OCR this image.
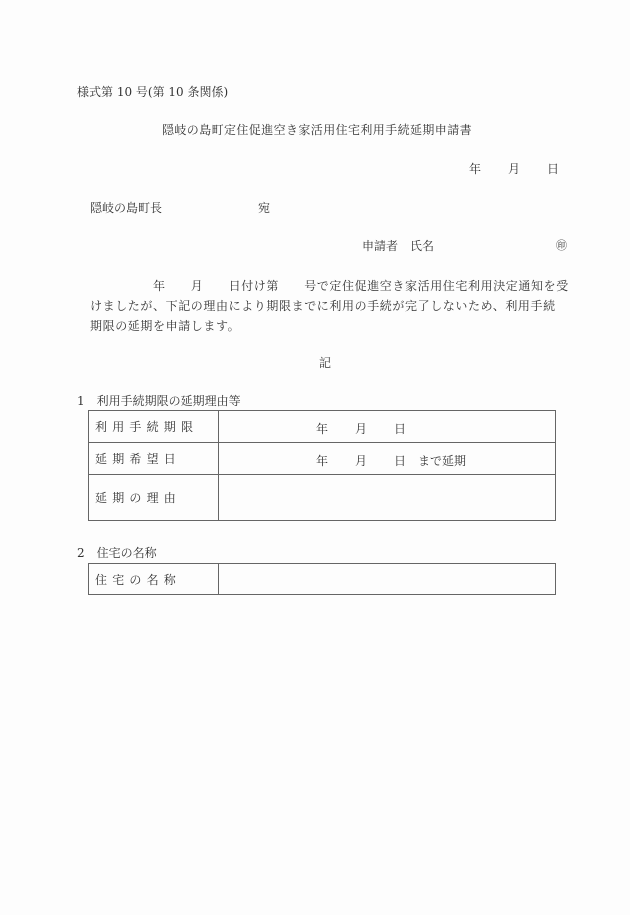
様式第 10 号(第 10 条関係)
隠岐の島町定住促進空き家活用住宅利用手続延期申請書
年 月 日
隠岐の島町長	宛
申請者　氏名	㊞
　　　　　年　　月　　日付け第　　号で定住促進空き家活用住宅利用決定通知を受
けましたが、下記の理由により期限までに利用の手続が完了しないため、利用手続
期限の延期を申請します。
記
1　利用手続期限の延期理由等
利用手続期限	年 月 日

延期希望日	年 月 日 まで延期

延期の理由	
2　住宅の名称
住宅の名称	
